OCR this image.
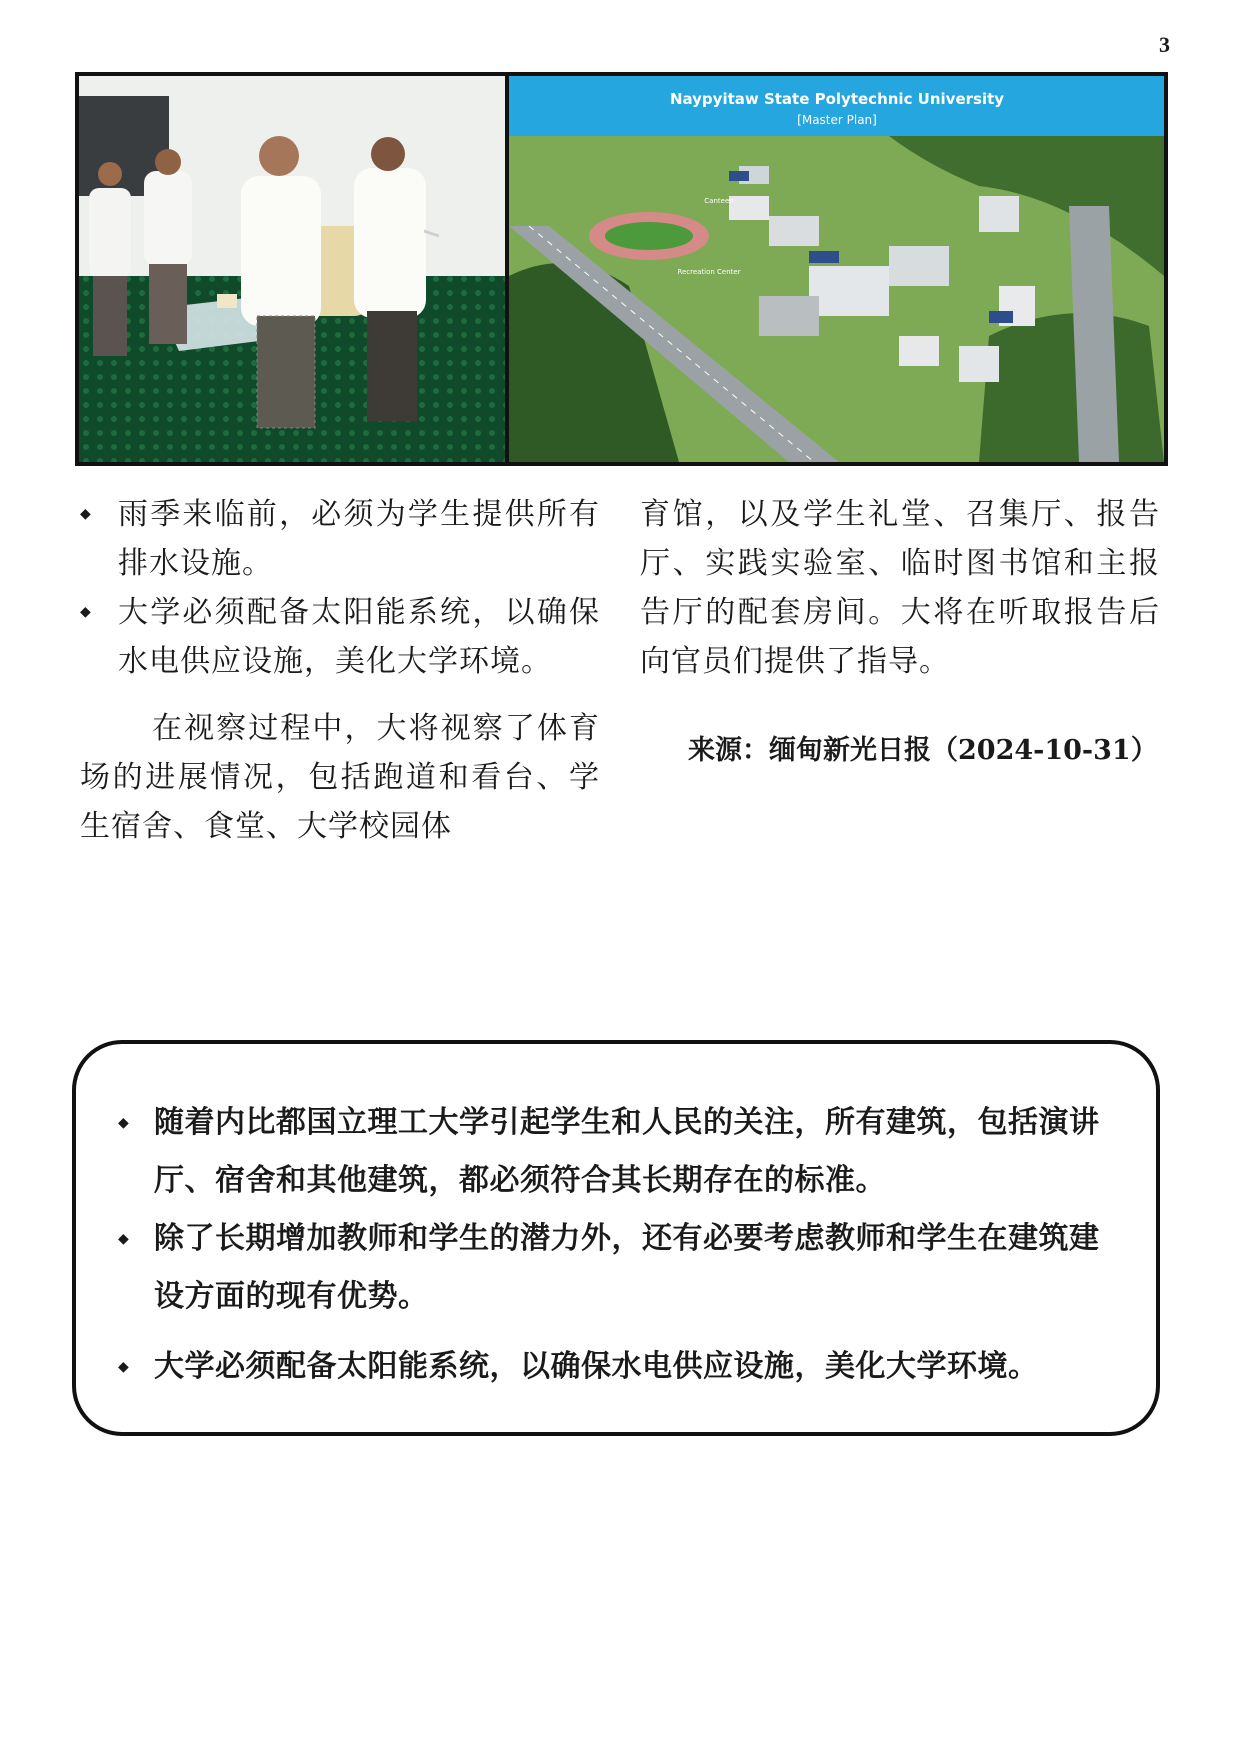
3
Naypyitaw State Polytechnic University
[Master Plan]
Canteen
Recreation Center
◆ 雨季来临前，必须为学生提供所有排水设施。
◆ 大学必须配备太阳能系统，以确保水电供应设施，美化大学环境。

在视察过程中，大将视察了体育场的进展情况，包括跑道和看台、学生宿舍、食堂、大学校园体

育馆，以及学生礼堂、召集厅、报告厅、实践实验室、临时图书馆和主报告厅的配套房间。大将在听取报告后向官员们提供了指导。

来源：缅甸新光日报（2024-10-31）

◆ 随着内比都国立理工大学引起学生和人民的关注，所有建筑，包括演讲厅、宿舍和其他建筑，都必须符合其长期存在的标准。
◆ 除了长期增加教师和学生的潜力外，还有必要考虑教师和学生在建筑建设方面的现有优势。
◆ 大学必须配备太阳能系统，以确保水电供应设施，美化大学环境。
